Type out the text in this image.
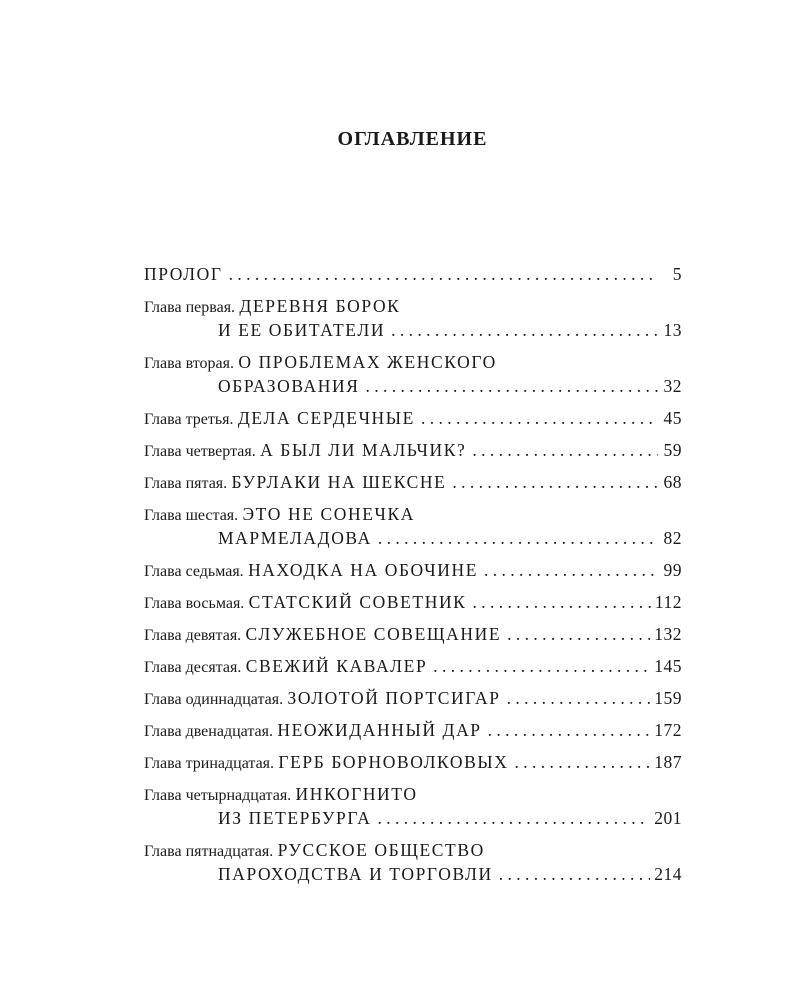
ОГЛАВЛЕНИЕ
ПРОЛОГ . . .	5
Глава первая. ДЕРЕВНЯ БОРОК
И ЕЕ ОБИТАТЕЛИ . . .	13
Глава вторая. О ПРОБЛЕМАХ ЖЕНСКОГО
ОБРАЗОВАНИЯ . . .	32
Глава третья.
ДЕЛА СЕРДЕЧНЫЕ . . .	45
Глава четвертая.
А БЫЛ ЛИ МАЛЬЧИК? . . .	59
Глава пятая.
БУРЛАКИ НА ШЕКСНЕ . . .	68
Глава шестая. ЭТО НЕ СОНЕЧКА
МАРМЕЛАДОВА . . .	82
Глава седьмая.
НАХОДКА НА ОБОЧИНЕ . . .	99
Глава восьмая.
СТАТСКИЙ СОВЕТНИК . . .	112
Глава девятая.
СЛУЖЕБНОЕ СОВЕЩАНИЕ . . .	132
Глава десятая.
СВЕЖИЙ КАВАЛЕР . . .	145
Глава одиннадцатая.
ЗОЛОТОЙ ПОРТСИГАР . . .	159
Глава двенадцатая.
НЕОЖИДАННЫЙ ДАР . . .	172
Глава тринадцатая.
ГЕРБ БОРНОВОЛКОВЫХ . . .	187
Глава четырнадцатая. ИНКОГНИТО
ИЗ ПЕТЕРБУРГА . . .	201
Глава пятнадцатая. РУССКОЕ ОБЩЕСТВО
ПАРОХОДСТВА И ТОРГОВЛИ . . .	214
